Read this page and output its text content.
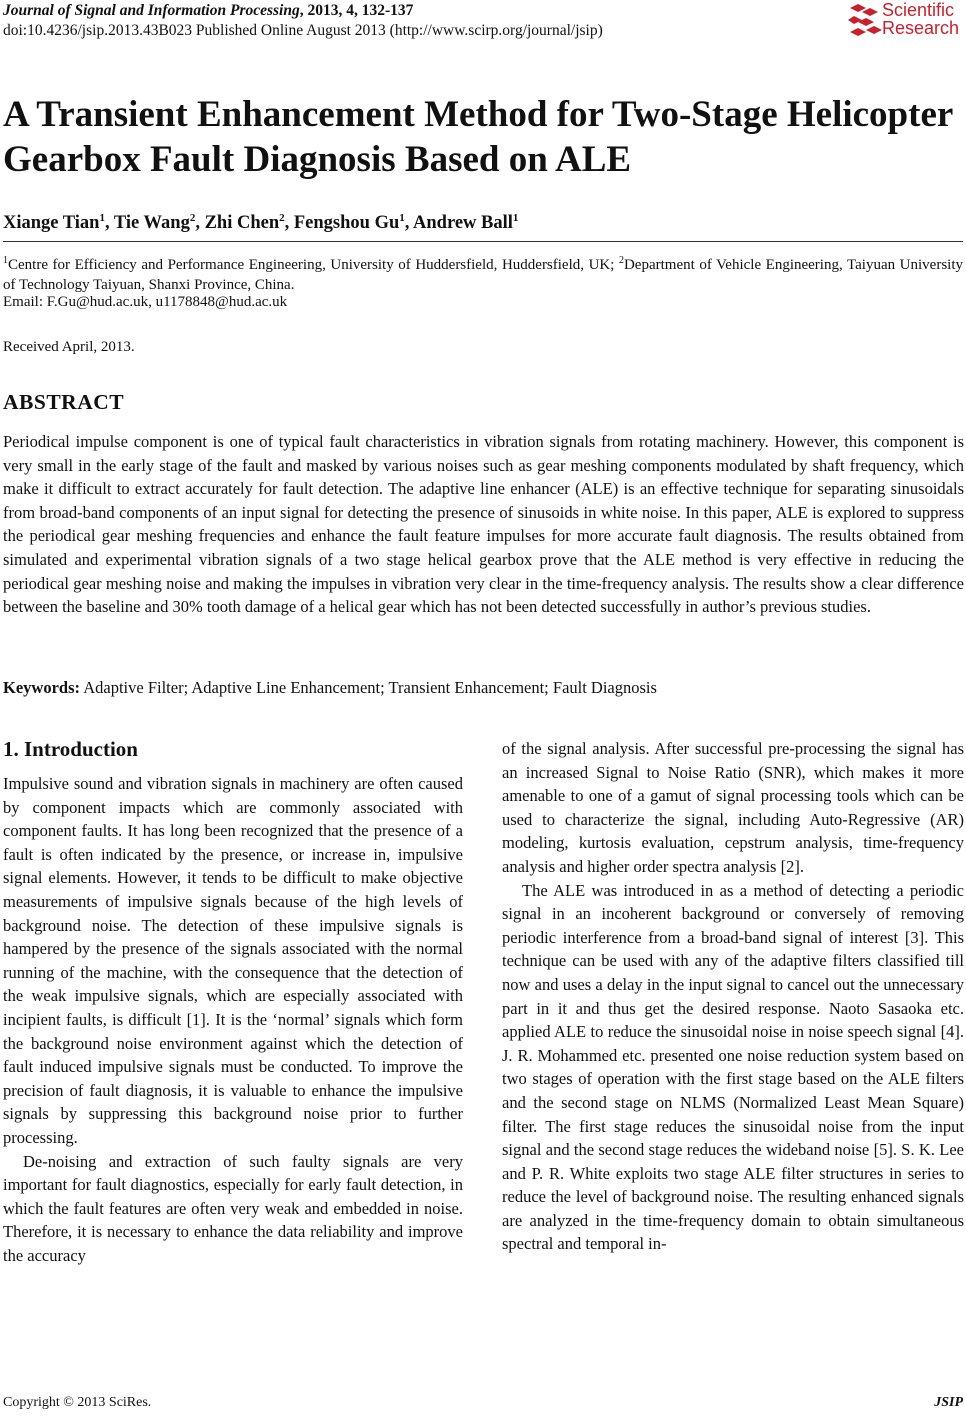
Journal of Signal and Information Processing, 2013, 4, 132-137
doi:10.4236/jsip.2013.43B023 Published Online August 2013 (http://www.scirp.org/journal/jsip)
Scientific
Research
A Transient Enhancement Method for Two-Stage Helicopter Gearbox Fault Diagnosis Based on ALE
Xiange Tian$^1$, Tie Wang$^2$, Zhi Chen$^2$, Fengshou Gu$^1$, Andrew Ball$^1$
$^1$Centre for Efficiency and Performance Engineering, University of Huddersfield, Huddersfield, UK; $^2$Department of Vehicle Engineering, Taiyuan University of Technology Taiyuan, Shanxi Province, China.
Email: F.Gu@hud.ac.uk, u1178848@hud.ac.uk
Received April, 2013.
ABSTRACT
Periodical impulse component is one of typical fault characteristics in vibration signals from rotating machinery. However, this component is very small in the early stage of the fault and masked by various noises such as gear meshing components modulated by shaft frequency, which make it difficult to extract accurately for fault detection. The adaptive line enhancer (ALE) is an effective technique for separating sinusoidals from broad-band components of an input signal for detecting the presence of sinusoids in white noise. In this paper, ALE is explored to suppress the periodical gear meshing frequencies and enhance the fault feature impulses for more accurate fault diagnosis. The results obtained from simulated and experimental vibration signals of a two stage helical gearbox prove that the ALE method is very effective in reducing the periodical gear meshing noise and making the impulses in vibration very clear in the time-frequency analysis. The results show a clear difference between the baseline and 30% tooth damage of a helical gear which has not been detected successfully in author’s previous studies.
Keywords: Adaptive Filter; Adaptive Line Enhancement; Transient Enhancement; Fault Diagnosis
1. Introduction

Impulsive sound and vibration signals in machinery are often caused by component impacts which are commonly associated with component faults. It has long been recognized that the presence of a fault is often indicated by the presence, or increase in, impulsive signal elements. However, it tends to be difficult to make objective measurements of impulsive signals because of the high levels of background noise. The detection of these impulsive signals is hampered by the presence of the signals associated with the normal running of the machine, with the consequence that the detection of the weak impulsive signals, which are especially associated with incipient faults, is difficult [1]. It is the ‘normal’ signals which form the background noise environment against which the detection of fault induced impulsive signals must be conducted. To improve the precision of fault diagnosis, it is valuable to enhance the impulsive signals by suppressing this background noise prior to further processing.

De-noising and extraction of such faulty signals are very important for fault diagnostics, especially for early fault detection, in which the fault features are often very weak and embedded in noise. Therefore, it is necessary to enhance the data reliability and improve the accuracy

of the signal analysis. After successful pre-processing the signal has an increased Signal to Noise Ratio (SNR), which makes it more amenable to one of a gamut of signal processing tools which can be used to characterize the signal, including Auto-Regressive (AR) modeling, kurtosis evaluation, cepstrum analysis, time-frequency analysis and higher order spectra analysis [2].

The ALE was introduced in as a method of detecting a periodic signal in an incoherent background or conversely of removing periodic interference from a broad-band signal of interest [3]. This technique can be used with any of the adaptive filters classified till now and uses a delay in the input signal to cancel out the unnecessary part in it and thus get the desired response. Naoto Sasaoka etc. applied ALE to reduce the sinusoidal noise in noise speech signal [4]. J. R. Mohammed etc. presented one noise reduction system based on two stages of operation with the first stage based on the ALE filters and the second stage on NLMS (Normalized Least Mean Square) filter. The first stage reduces the sinusoidal noise from the input signal and the second stage reduces the wideband noise [5]. S. K. Lee and P. R. White exploits two stage ALE filter structures in series to reduce the level of background noise. The resulting enhanced signals are analyzed in the time-frequency domain to obtain simultaneous spectral and temporal in-

Copyright © 2013 SciRes.	JSIP
